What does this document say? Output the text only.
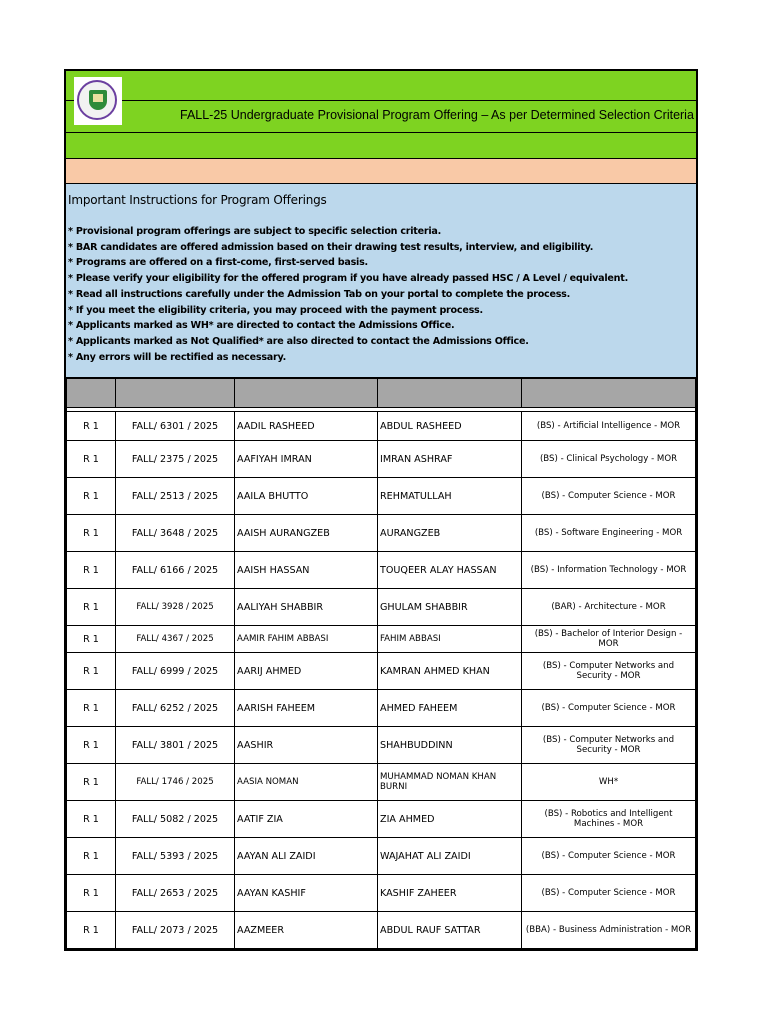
FALL-25 Undergraduate Provisional Program Offering – As per Determined Selection Criteria
Important Instructions for Program Offerings
* Provisional program offerings are subject to specific selection criteria.
* BAR candidates are offered admission based on their drawing test results, interview, and eligibility.
* Programs are offered on a first-come, first-served basis.
* Please verify your eligibility for the offered program if you have already passed HSC / A Level / equivalent.
* Read all instructions carefully under the Admission Tab on your portal to complete the process.
* If you meet the eligibility criteria, you may proceed with the payment process.
* Applicants marked as WH* are directed to contact the Admissions Office.
* Applicants marked as Not Qualified* are also directed to contact the Admissions Office.
* Any errors will be rectified as necessary.

R 1	FALL/ 6301 / 2025	AADIL RASHEED	ABDUL RASHEED	(BS) - Artificial Intelligence - MOR
R 1	FALL/ 2375 / 2025	AAFIYAH IMRAN	IMRAN ASHRAF	(BS) - Clinical Psychology - MOR
R 1	FALL/ 2513 / 2025	AAILA BHUTTO	REHMATULLAH	(BS) - Computer Science - MOR
R 1	FALL/ 3648 / 2025	AAISH AURANGZEB	AURANGZEB	(BS) - Software Engineering - MOR
R 1	FALL/ 6166 / 2025	AAISH HASSAN	TOUQEER ALAY HASSAN	(BS) - Information Technology - MOR
R 1	FALL/ 3928 / 2025	AALIYAH SHABBIR	GHULAM SHABBIR	(BAR) - Architecture - MOR
R 1	FALL/ 4367 / 2025	AAMIR FAHIM ABBASI	FAHIM ABBASI	(BS) - Bachelor of Interior Design - MOR
R 1	FALL/ 6999 / 2025	AARIJ AHMED	KAMRAN AHMED KHAN	(BS) - Computer Networks and Security - MOR
R 1	FALL/ 6252 / 2025	AARISH FAHEEM	AHMED FAHEEM	(BS) - Computer Science - MOR
R 1	FALL/ 3801 / 2025	AASHIR	SHAHBUDDINN	(BS) - Computer Networks and Security - MOR
R 1	FALL/ 1746 / 2025	AASIA NOMAN	MUHAMMAD NOMAN KHAN BURNI	WH*
R 1	FALL/ 5082 / 2025	AATIF ZIA	ZIA AHMED	(BS) - Robotics and Intelligent Machines - MOR
R 1	FALL/ 5393 / 2025	AAYAN ALI ZAIDI	WAJAHAT ALI ZAIDI	(BS) - Computer Science - MOR
R 1	FALL/ 2653 / 2025	AAYAN KASHIF	KASHIF ZAHEER	(BS) - Computer Science - MOR
R 1	FALL/ 2073 / 2025	AAZMEER	ABDUL RAUF SATTAR	(BBA) - Business Administration - MOR
